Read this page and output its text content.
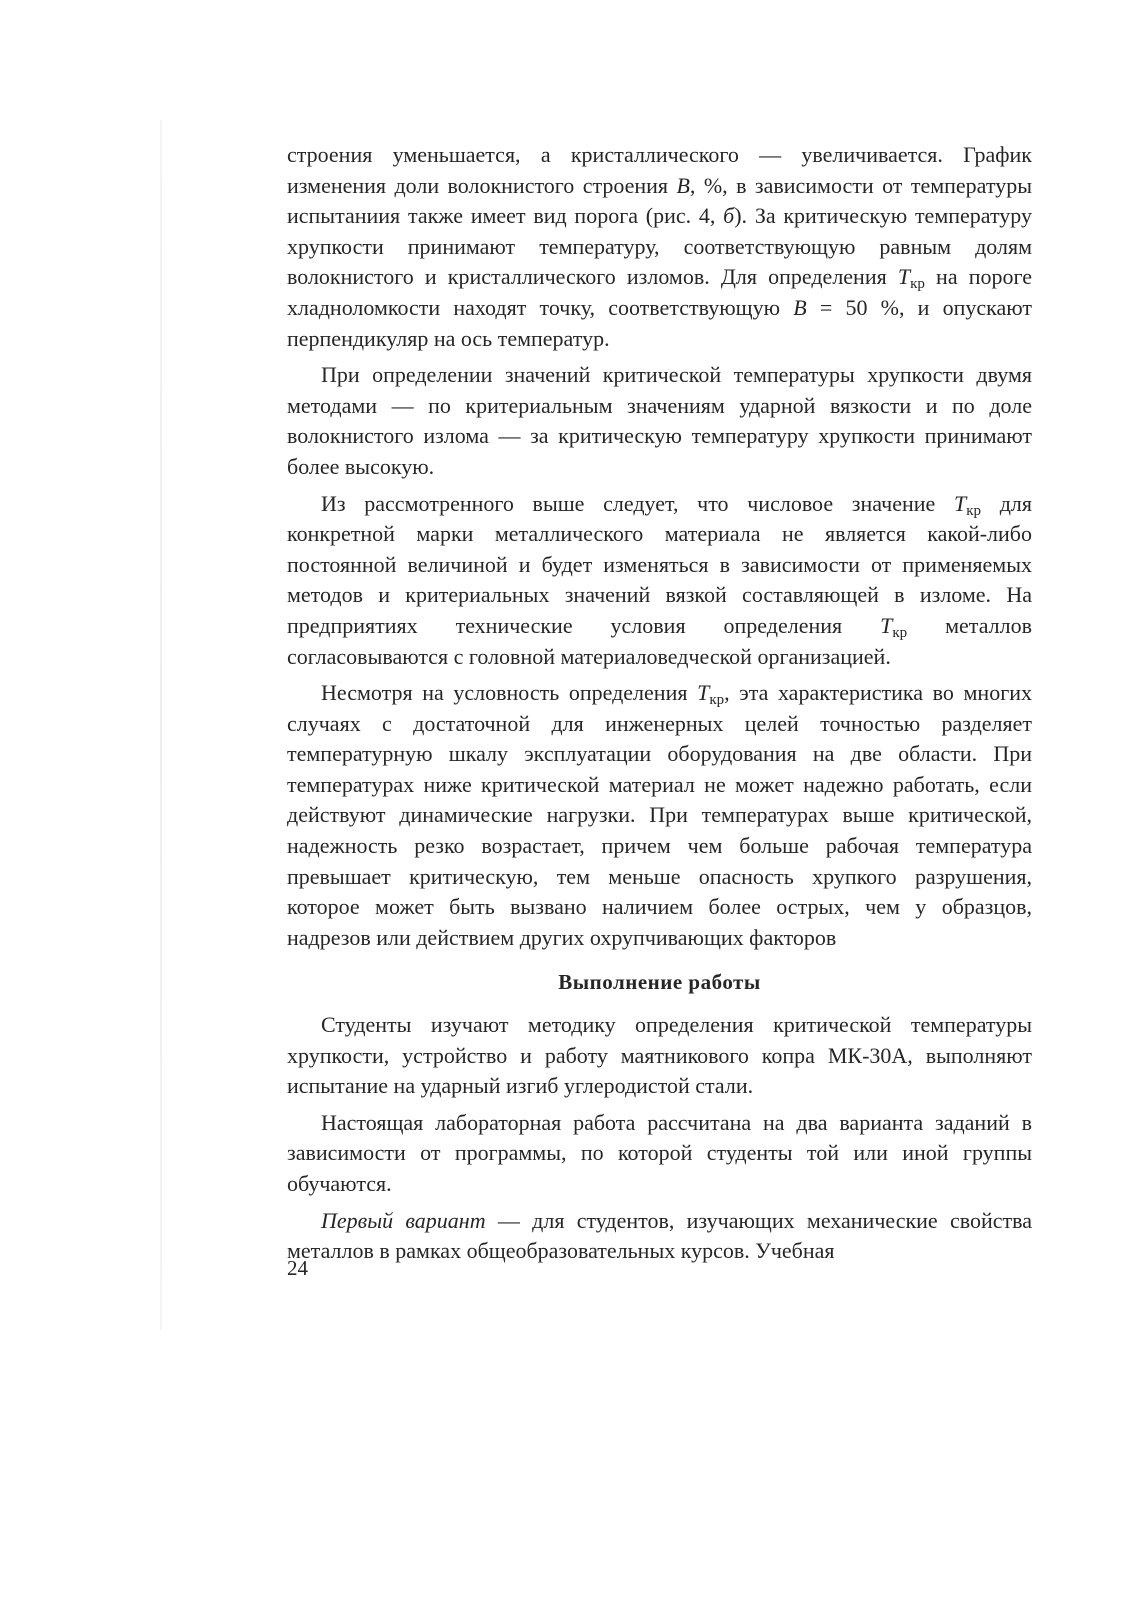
строения уменьшается, а кристаллического — увеличивается. График изменения доли волокнистого строения B, %, в зависимости от температуры испытаниия также имеет вид порога (рис. 4, б). За критическую температуру хрупкости принимают температуру, соответствующую равным долям волокнистого и кристаллического изломов. Для определения $T_{кр}$ на пороге хладноломкости находят точку, соответствующую B = 50 %, и опускают перпендикуляр на ось температур.

При определении значений критической температуры хрупкости двумя методами — по критериальным значениям ударной вязкости и по доле волокнистого излома — за критическую температуру хрупкости принимают более высокую.

Из рассмотренного выше следует, что числовое значение $T_{кр}$ для конкретной марки металлического материала не является какой-либо постоянной величиной и будет изменяться в зависимости от применяемых методов и критериальных значений вязкой составляющей в изломе. На предприятиях технические условия определения $T_{кр}$ металлов согласовываются с головной материаловедческой организацией.

Несмотря на условность определения $T_{кр}$, эта характеристика во многих случаях с достаточной для инженерных целей точностью разделяет температурную шкалу эксплуатации оборудования на две области. При температурах ниже критической материал не может надежно работать, если действуют динамические нагрузки. При температурах выше критической, надежность резко возрастает, причем чем больше рабочая температура превышает критическую, тем меньше опасность хрупкого разрушения, которое может быть вызвано наличием более острых, чем у образцов, надрезов или действием других охрупчивающих факторов

Выполнение работы

Студенты изучают методику определения критической температуры хрупкости, устройство и работу маятникового копра МК-30А, выполняют испытание на ударный изгиб углеродистой стали.

Настоящая лабораторная работа рассчитана на два варианта заданий в зависимости от программы, по которой студенты той или иной группы обучаются.

Первый вариант — для студентов, изучающих механические свойства металлов в рамках общеобразовательных курсов. Учебная

24
